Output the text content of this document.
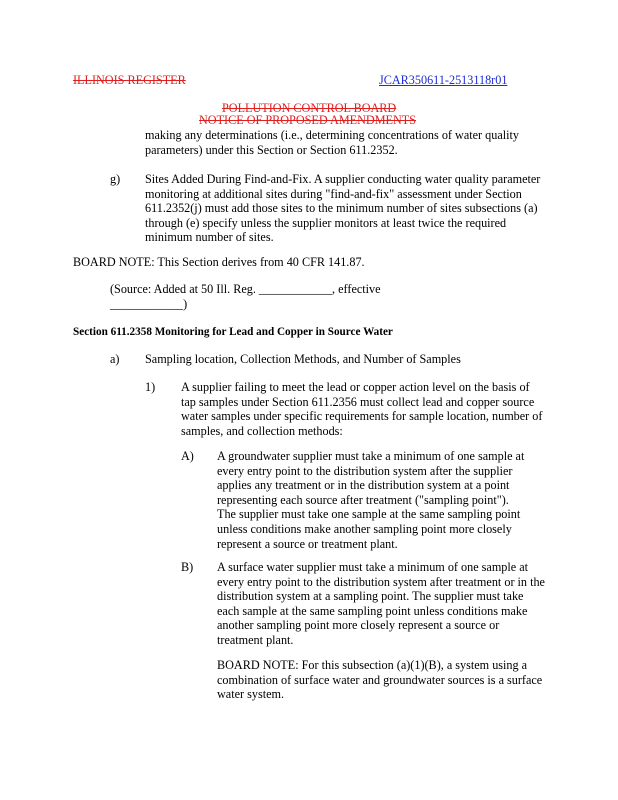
ILLINOIS REGISTER	JCAR350611-2513118r01
POLLUTION CONTROL BOARD
NOTICE OF PROPOSED AMENDMENTS
making any determinations (i.e., determining concentrations of water quality
parameters) under this Section or Section 611.2352.
g) Sites Added During Find-and-Fix. A supplier conducting water quality parameter
monitoring at additional sites during "find-and-fix" assessment under Section
611.2352(j) must add those sites to the minimum number of sites subsections (a)
through (e) specify unless the supplier monitors at least twice the required
minimum number of sites.
BOARD NOTE: This Section derives from 40 CFR 141.87.
(Source: Added at 50 Ill. Reg. ____________, effective
____________)
Section 611.2358 Monitoring for Lead and Copper in Source Water
a) Sampling location, Collection Methods, and Number of Samples
1) A supplier failing to meet the lead or copper action level on the basis of
tap samples under Section 611.2356 must collect lead and copper source
water samples under specific requirements for sample location, number of
samples, and collection methods:
A) A groundwater supplier must take a minimum of one sample at
every entry point to the distribution system after the supplier
applies any treatment or in the distribution system at a point
representing each source after treatment ("sampling point").
The supplier must take one sample at the same sampling point
unless conditions make another sampling point more closely
represent a source or treatment plant.
B) A surface water supplier must take a minimum of one sample at
every entry point to the distribution system after treatment or in the
distribution system at a sampling point. The supplier must take
each sample at the same sampling point unless conditions make
another sampling point more closely represent a source or
treatment plant.
BOARD NOTE: For this subsection (a)(1)(B), a system using a
combination of surface water and groundwater sources is a surface
water system.
